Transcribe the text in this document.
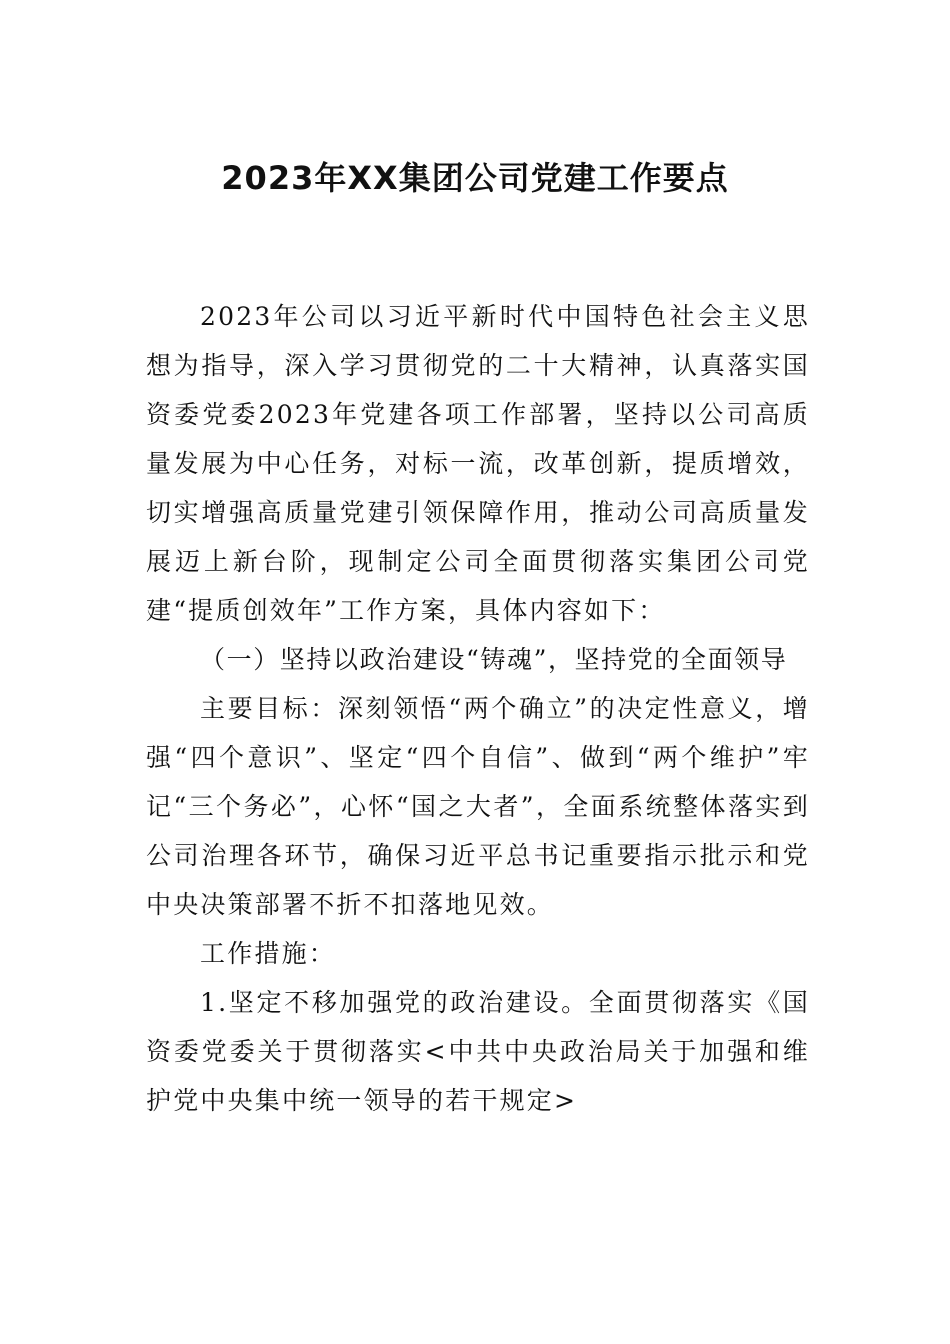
2023年XX集团公司党建工作要点

2023年公司以习近平新时代中国特色社会主义思想为指导，深入学习贯彻党的二十大精神，认真落实国资委党委2023年党建各项工作部署，坚持以公司高质量发展为中心任务，对标一流，改革创新，提质增效，切实增强高质量党建引领保障作用，推动公司高质量发展迈上新台阶，现制定公司全面贯彻落实集团公司党建“提质创效年”工作方案，具体内容如下：

（一）坚持以政治建设“铸魂”，坚持党的全面领导

主要目标：深刻领悟“两个确立”的决定性意义，增强“四个意识”、坚定“四个自信”、做到“两个维护”牢记“三个务必”，心怀“国之大者”，全面系统整体落实到公司治理各环节，确保习近平总书记重要指示批示和党中央决策部署不折不扣落地见效。

工作措施：

1.坚定不移加强党的政治建设。全面贯彻落实《国资委党委关于贯彻落实<中共中央政治局关于加强和维护党中央集中统一领导的若干规定>
